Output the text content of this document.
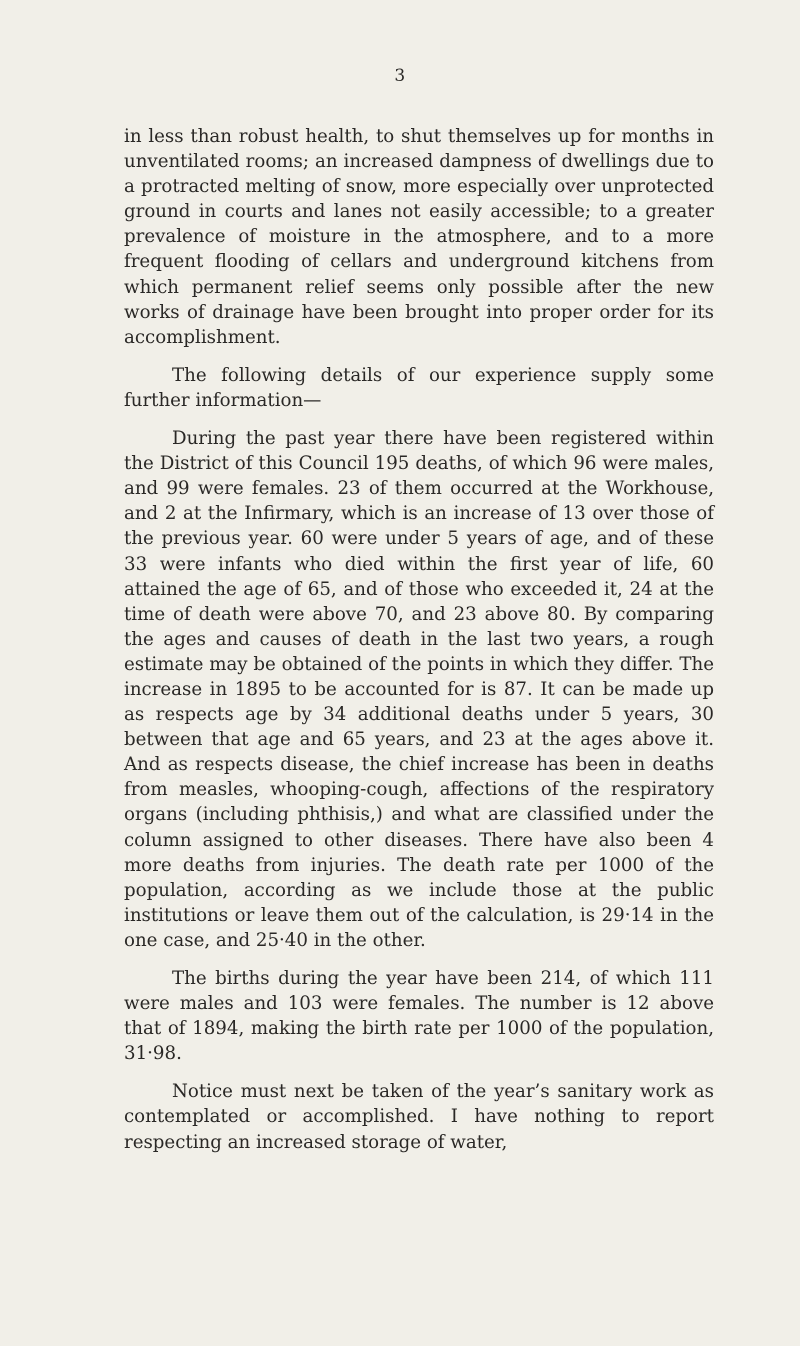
3

in less than robust health, to shut themselves up for months in unventilated rooms; an increased dampness of dwellings due to a protracted melting of snow, more especially over unprotected ground in courts and lanes not easily accessible; to a greater prevalence of moisture in the atmosphere, and to a more frequent flooding of cellars and underground kitchens from which permanent relief seems only possible after the new works of drainage have been brought into proper order for its accomplishment.

The following details of our experience supply some further information—

During the past year there have been registered within the District of this Council 195 deaths, of which 96 were males, and 99 were females. 23 of them occurred at the Workhouse, and 2 at the Infirmary, which is an increase of 13 over those of the previous year. 60 were under 5 years of age, and of these 33 were infants who died within the first year of life, 60 attained the age of 65, and of those who exceeded it, 24 at the time of death were above 70, and 23 above 80. By comparing the ages and causes of death in the last two years, a rough estimate may be obtained of the points in which they differ. The increase in 1895 to be accounted for is 87. It can be made up as respects age by 34 additional deaths under 5 years, 30 between that age and 65 years, and 23 at the ages above it. And as respects disease, the chief increase has been in deaths from measles, whooping-cough, affections of the respiratory organs (including phthisis,) and what are classified under the column assigned to other diseases. There have also been 4 more deaths from injuries. The death rate per 1000 of the population, according as we include those at the public institutions or leave them out of the calculation, is 29·14 in the one case, and 25·40 in the other.

The births during the year have been 214, of which 111 were males and 103 were females. The number is 12 above that of 1894, making the birth rate per 1000 of the population, 31·98.

Notice must next be taken of the year’s sanitary work as contemplated or accomplished. I have nothing to report respecting an increased storage of water,
